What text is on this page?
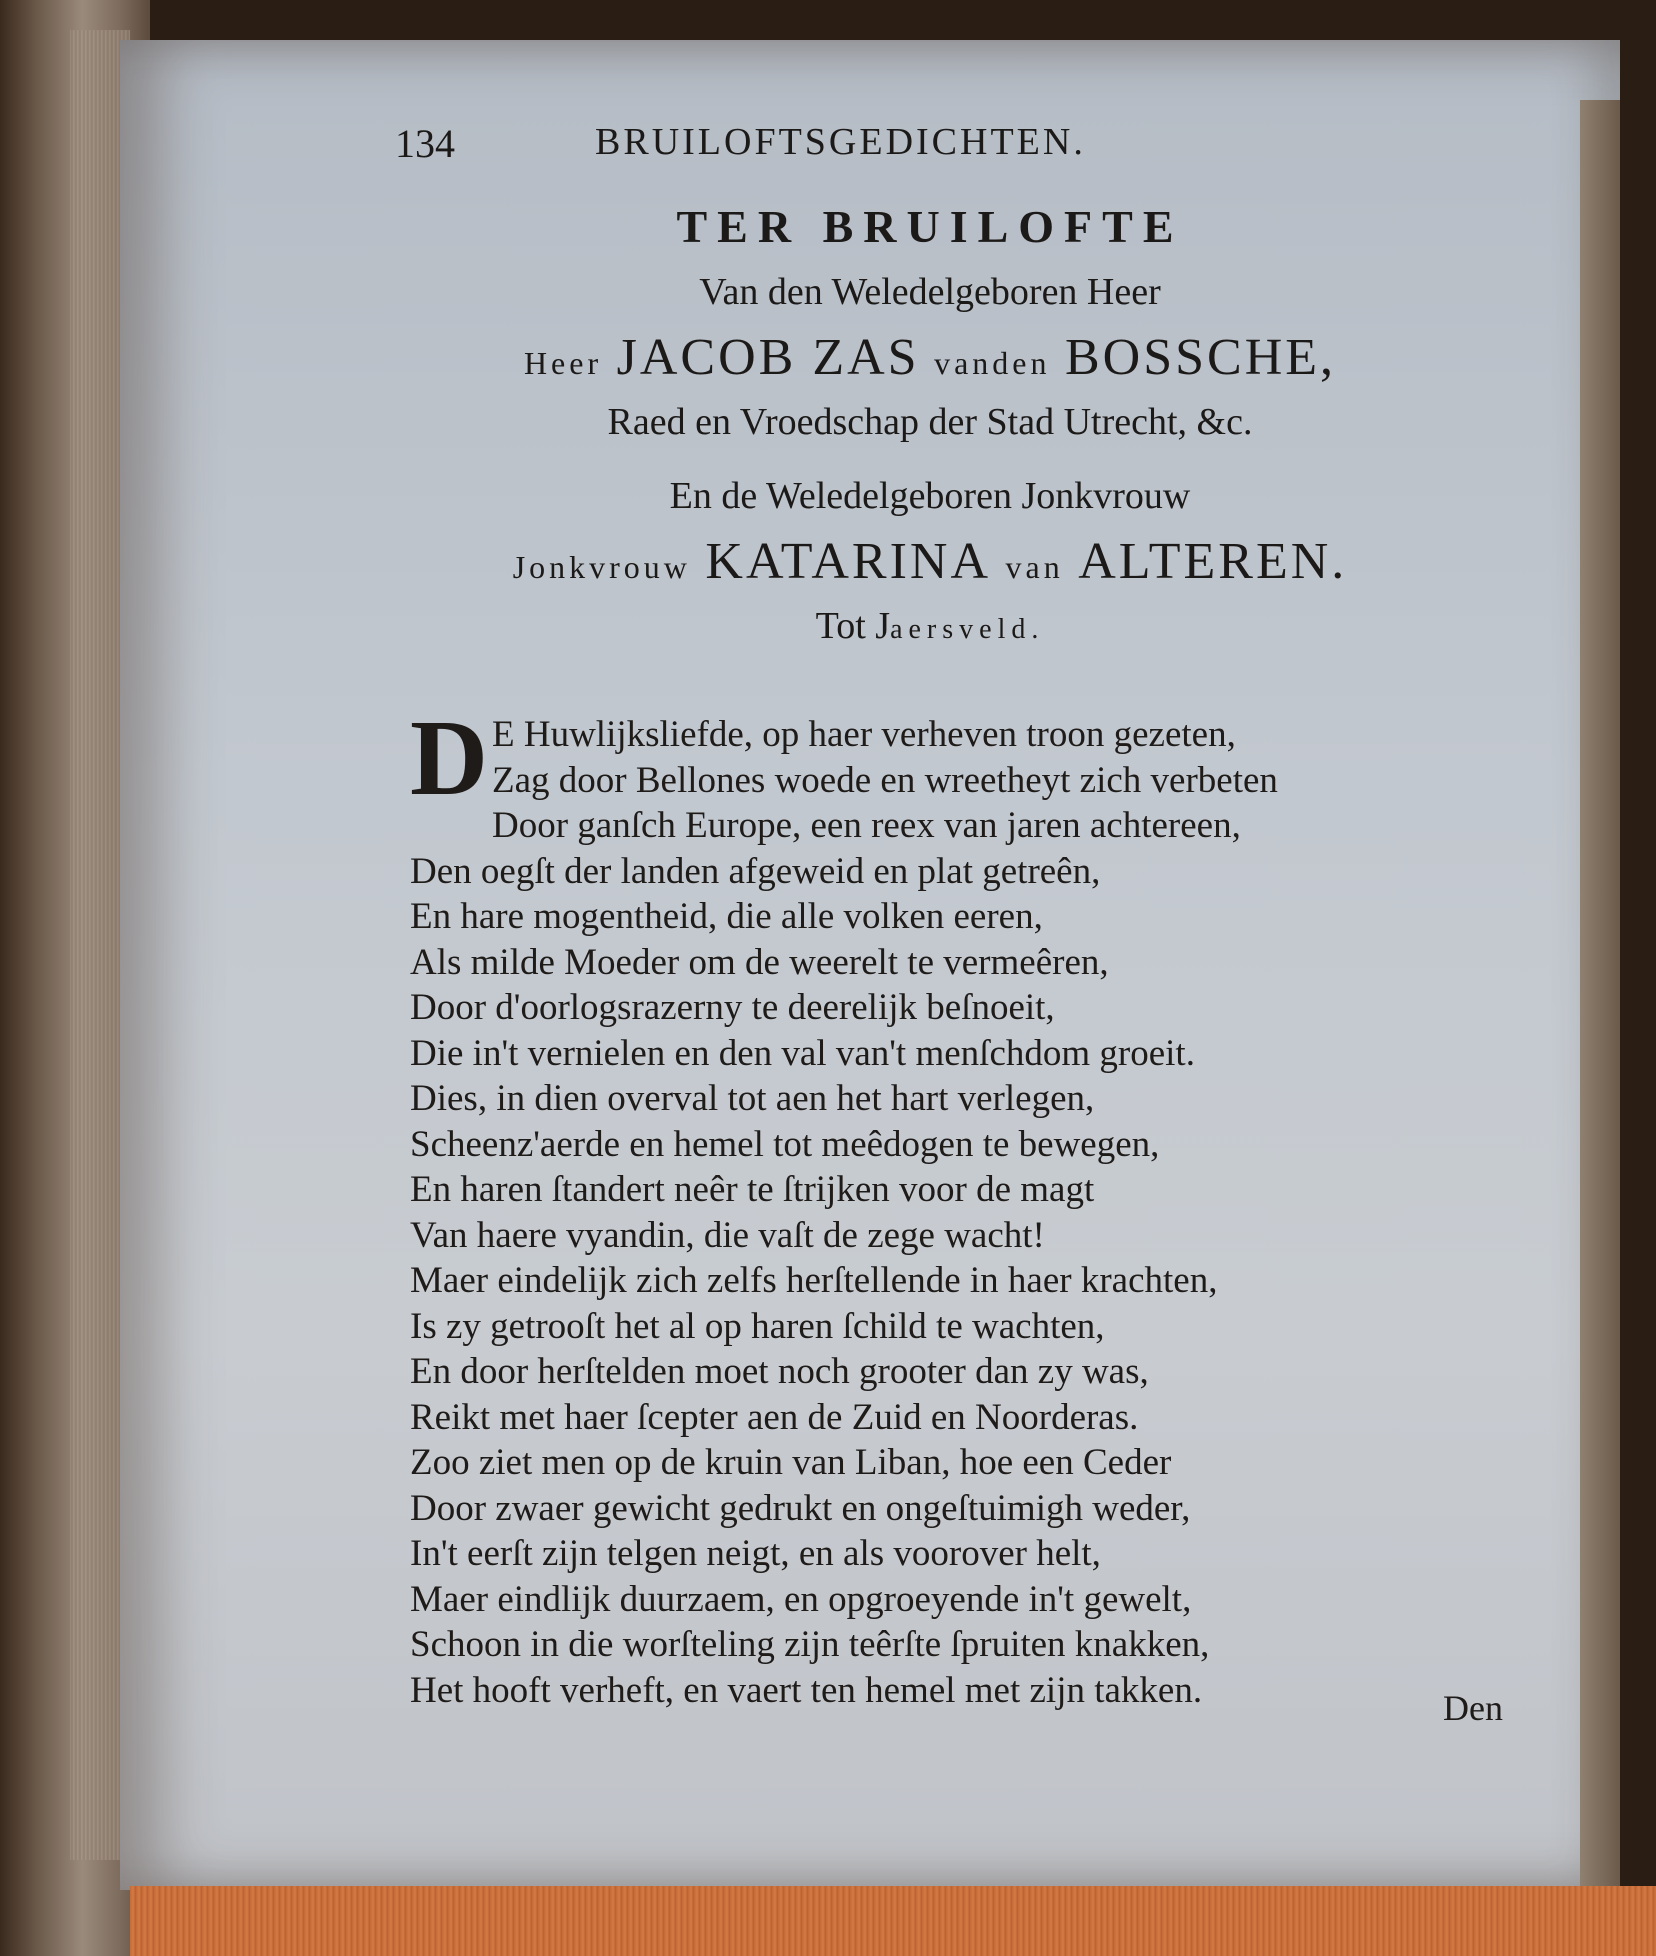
134	BRUILOFTSGEDICHTEN.
TER BRUILOFTE
Van den Weledelgeboren Heer
Heer JACOB ZAS vanden BOSSCHE,
Raed en Vroedschap der Stad Utrecht, &c.
En de Weledelgeboren Jonkvrouw
Jonkvrouw KATARINA van ALTEREN.
Tot Jaersveld.
D E Huwlijksliefde, op haer verheven troon gezeten,
Zag door Bellones woede en wreetheyt zich verbeten
Door ganſch Europe, een reex van jaren achtereen,
Den oegſt der landen afgeweid en plat getreên,
En hare mogentheid, die alle volken eeren,
Als milde Moeder om de weerelt te vermeêren,
Door d'oorlogsrazerny te deerelijk beſnoeit,
Die in't vernielen en den val van't menſchdom groeit.
Dies, in dien overval tot aen het hart verlegen,
Scheenz'aerde en hemel tot meêdogen te bewegen,
En haren ſtandert neêr te ſtrijken voor de magt
Van haere vyandin, die vaſt de zege wacht!
Maer eindelijk zich zelfs herſtellende in haer krachten,
Is zy getrooſt het al op haren ſchild te wachten,
En door herſtelden moet noch grooter dan zy was,
Reikt met haer ſcepter aen de Zuid en Noorderas.
Zoo ziet men op de kruin van Liban, hoe een Ceder
Door zwaer gewicht gedrukt en ongeſtuimigh weder,
In't eerſt zijn telgen neigt, en als voorover helt,
Maer eindlijk duurzaem, en opgroeyende in't gewelt,
Schoon in die worſteling zijn teêrſte ſpruiten knakken,
Het hooft verheft, en vaert ten hemel met zijn takken.	Den
